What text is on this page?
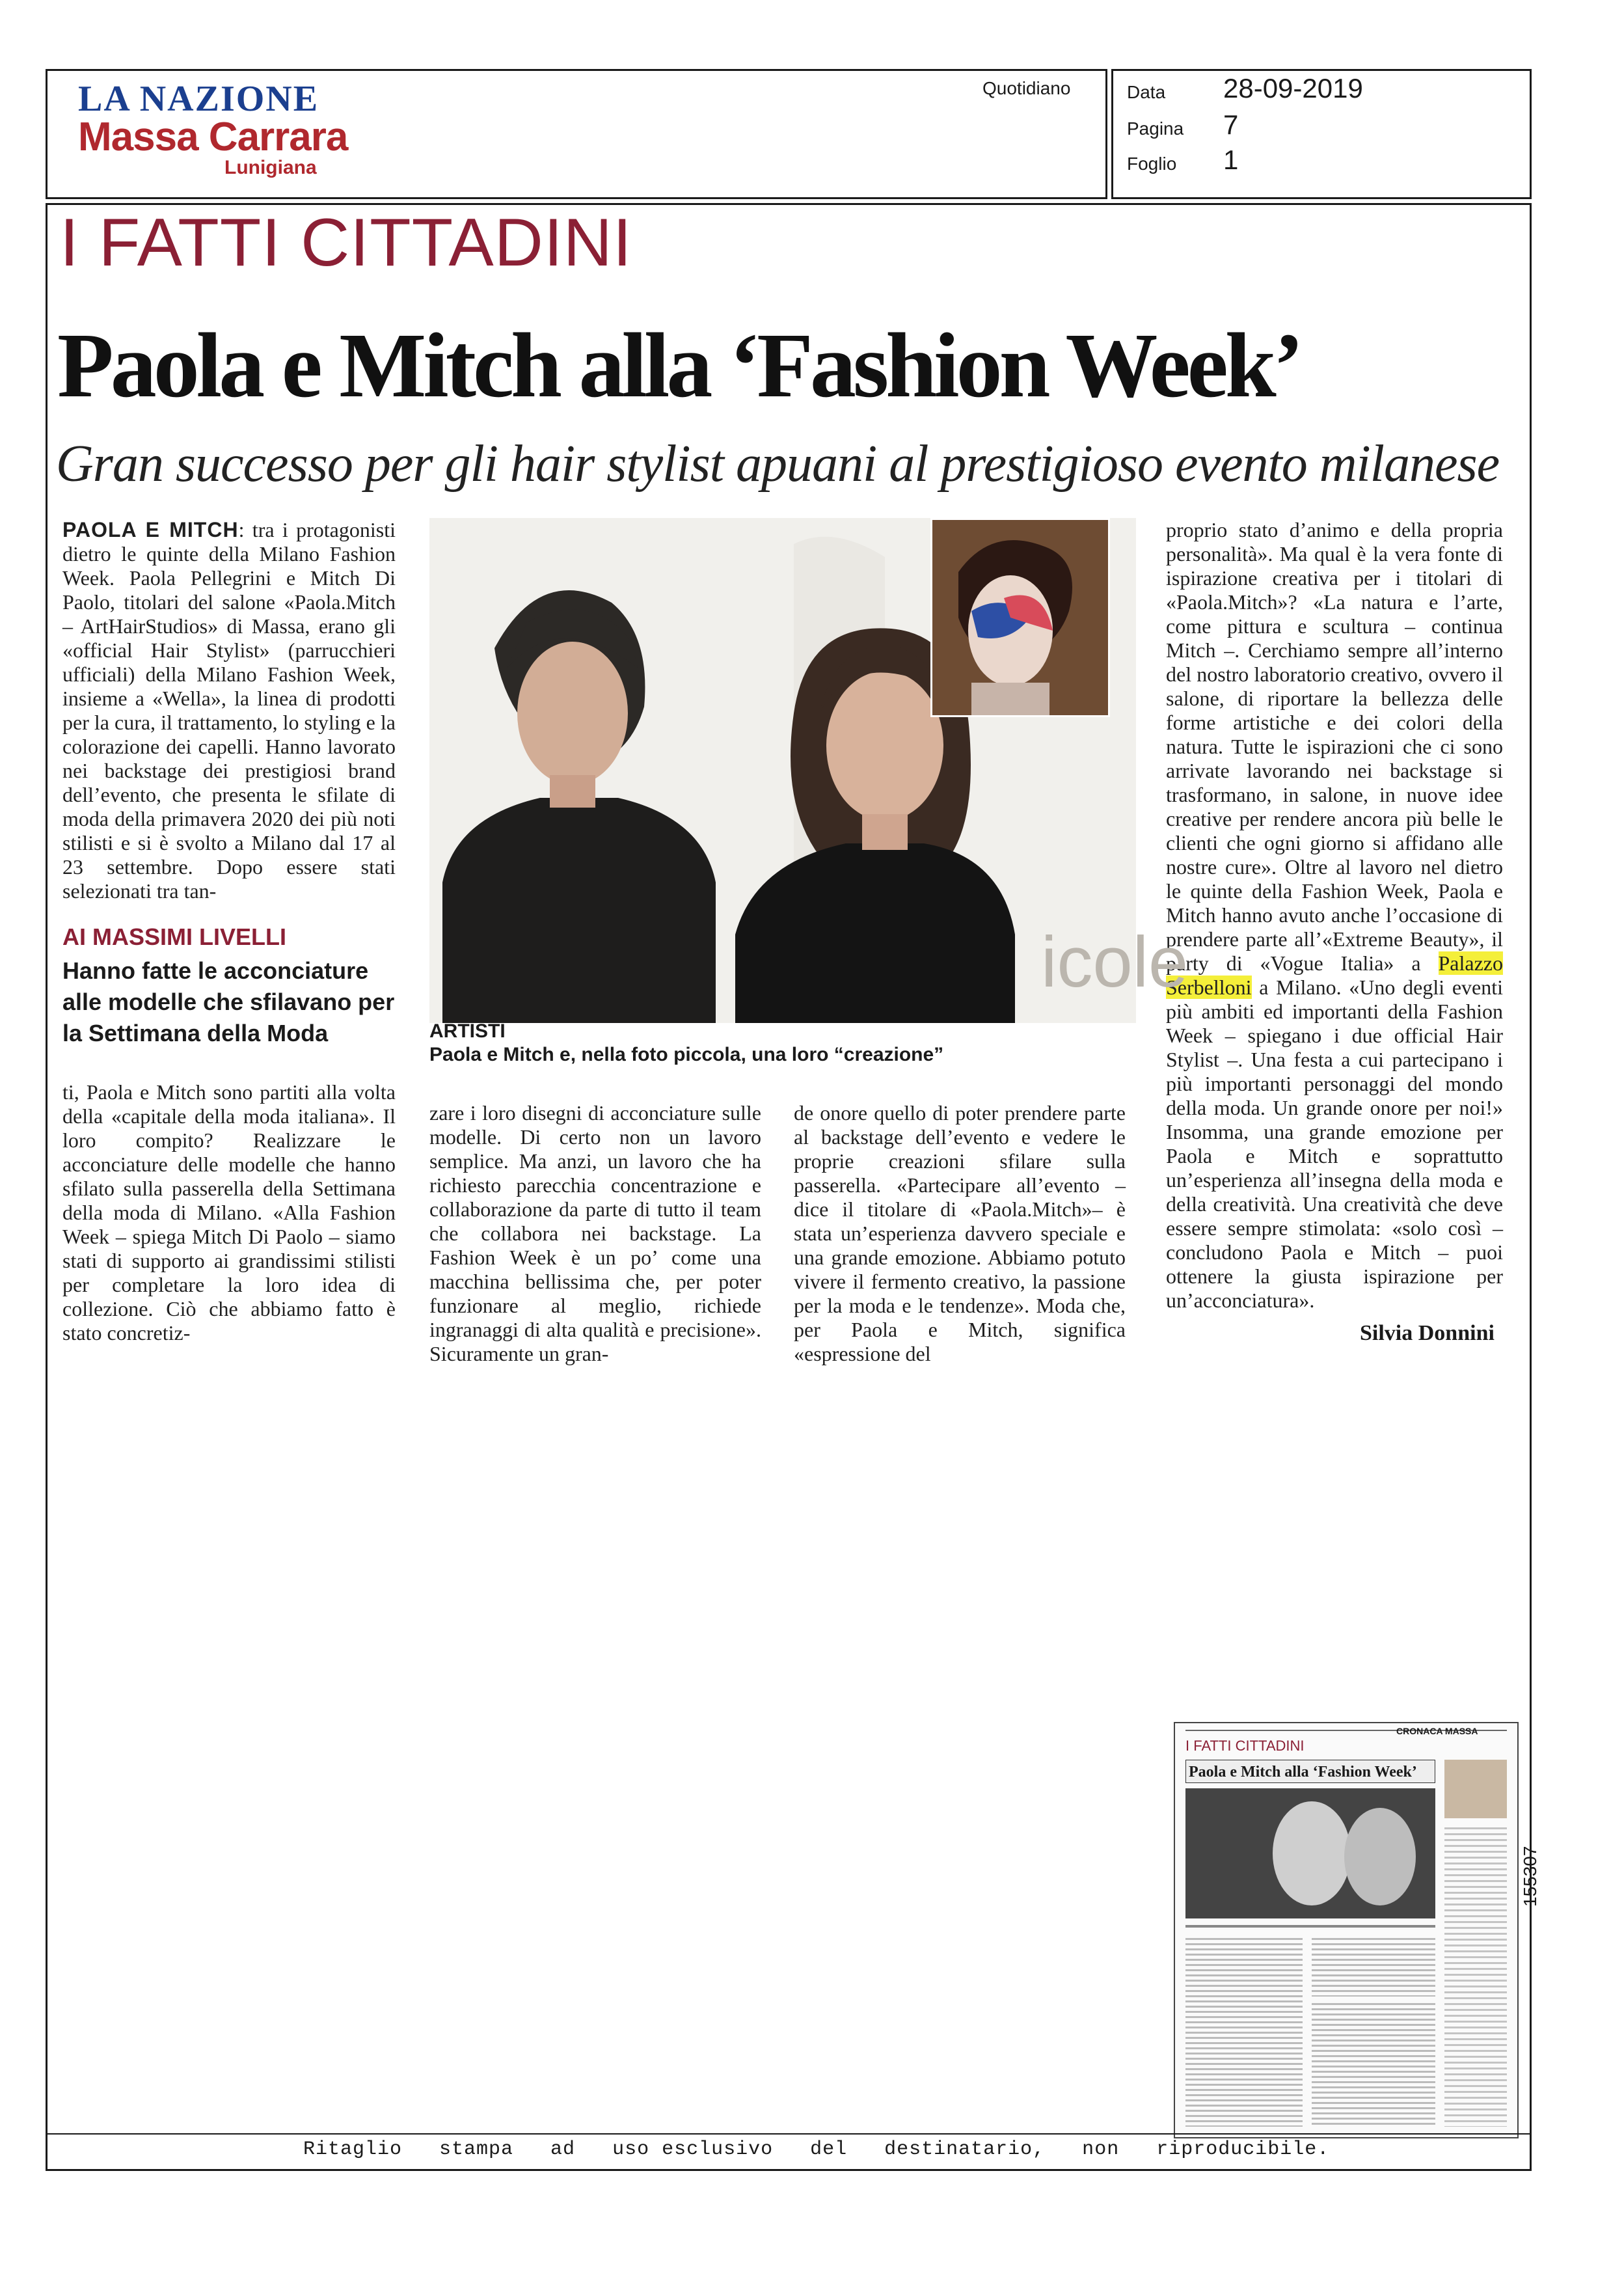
LA NAZIONE
Massa Carrara
Lunigiana
Quotidiano	Data 28-09-2019
Pagina 7
Foglio 1
I FATTI CITTADINI
Paola e Mitch alla ‘Fashion Week’
Gran successo per gli hair stylist apuani al prestigioso evento milanese
PAOLA E MITCH: tra i protagonisti dietro le quinte della Milano Fashion Week. Paola Pellegrini e Mitch Di Paolo, titolari del salone «Paola.Mitch – ArtHairStudios» di Massa, erano gli «official Hair Stylist» (parrucchieri ufficiali) della Milano Fashion Week, insieme a «Wella», la linea di prodotti per la cura, il trattamento, lo styling e la colorazione dei capelli. Hanno lavorato nei backstage dei prestigiosi brand dell’evento, che presenta le sfilate di moda della primavera 2020 dei più noti stilisti e si è svolto a Milano dal 17 al 23 settembre. Dopo essere stati selezionati tra tan-
AI MASSIMI LIVELLI
Hanno fatte le acconciature alle modelle che sfilavano per la Settimana della Moda
ti, Paola e Mitch sono partiti alla volta della «capitale della moda italiana». Il loro compito? Realizzare le acconciature delle modelle che hanno sfilato sulla passerella della Settimana della moda di Milano. «Alla Fashion Week – spiega Mitch Di Paolo – siamo stati di supporto ai grandissimi stilisti per completare la loro idea di collezione. Ciò che abbiamo fatto è stato concretiz-
zare i loro disegni di acconciature sulle modelle. Di certo non un lavoro semplice. Ma anzi, un lavoro che ha richiesto parecchia concentrazione e collaborazione da parte di tutto il team che collabora nei backstage. La Fashion Week è un po’ come una macchina bellissima che, per poter funzionare al meglio, richiede ingranaggi di alta qualità e precisione». Sicuramente un gran-
de onore quello di poter prendere parte al backstage dell’evento e vedere le proprie creazioni sfilare sulla passerella. «Partecipare all’evento – dice il titolare di «Paola.Mitch»– è stata un’esperienza davvero speciale e una grande emozione. Abbiamo potuto vivere il fermento creativo, la passione per la moda e le tendenze». Moda che, per Paola e Mitch, significa «espressione del
proprio stato d’animo e della propria personalità». Ma qual è la vera fonte di ispirazione creativa per i titolari di «Paola.Mitch»? «La natura e l’arte, come pittura e scultura – continua Mitch –. Cerchiamo sempre all’interno del nostro laboratorio creativo, ovvero il salone, di riportare la bellezza delle forme artistiche e dei colori della natura. Tutte le ispirazioni che ci sono arrivate lavorando nei backstage si trasformano, in salone, in nuove idee creative per rendere ancora più belle le clienti che ogni giorno si affidano alle nostre cure». Oltre al lavoro nel dietro le quinte della Fashion Week, Paola e Mitch hanno avuto anche l’occasione di prendere parte all’«Extreme Beauty», il party di «Vogue Italia» a Palazzo Serbelloni a Milano. «Uno degli eventi più ambiti ed importanti della Fashion Week – spiegano i due official Hair Stylist –. Una festa a cui partecipano i più importanti personaggi del mondo della moda. Un grande onore per noi!» Insomma, una grande emozione per Paola e Mitch e soprattutto un’esperienza all’insegna della moda e della creatività. Una creatività che deve essere sempre stimolata: «solo così – concludono Paola e Mitch – puoi ottenere la giusta ispirazione per un’acconciatura».
Silvia Donnini
icole
ARTISTI
Paola e Mitch e, nella foto piccola, una loro “creazione”
I FATTI CITTADINI
CRONACA MASSA
Paola e Mitch alla ‘Fashion Week’
155307
Ritaglio   stampa   ad   uso esclusivo   del   destinatario,   non   riproducibile.
